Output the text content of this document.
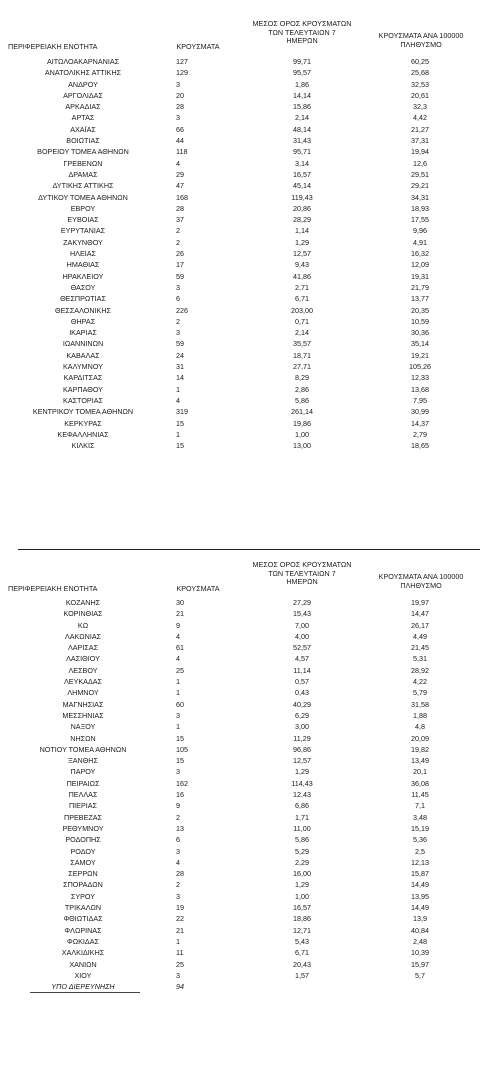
ΜΕΣΟΣ ΟΡΟΣ ΚΡΟΥΣΜΑΤΩΝ
ΤΩΝ ΤΕΛΕΥΤΑΙΩΝ 7
ΗΜΕΡΩΝ
ΚΡΟΥΣΜΑΤΑ ΑΝΑ 100000
ΠΛΗΘΥΣΜΟ
ΠΕΡΙΦΕΡΕΙΑΚΗ ΕΝΟΤΗΤΑ	ΚΡΟΥΣΜΑΤΑ
ΑΙΤΩΛΟΑΚΑΡΝΑΝΙΑΣ	127	99,71	60,25
ΑΝΑΤΟΛΙΚΗΣ ΑΤΤΙΚΗΣ	129	95,57	25,68
ΑΝΔΡΟΥ	3	1,86	32,53
ΑΡΓΟΛΙΔΑΣ	20	14,14	20,61
ΑΡΚΑΔΙΑΣ	28	15,86	32,3
ΑΡΤΑΣ	3	2,14	4,42
ΑΧΑΪΑΣ	66	48,14	21,27
ΒΟΙΩΤΙΑΣ	44	31,43	37,31
ΒΟΡΕΙΟΥ ΤΟΜΕΑ ΑΘΗΝΩΝ	118	95,71	19,94
ΓΡΕΒΕΝΩΝ	4	3,14	12,6
ΔΡΑΜΑΣ	29	16,57	29,51
ΔΥΤΙΚΗΣ ΑΤΤΙΚΗΣ	47	45,14	29,21
ΔΥΤΙΚΟΥ ΤΟΜΕΑ ΑΘΗΝΩΝ	168	119,43	34,31
ΕΒΡΟΥ	28	20,86	18,93
ΕΥΒΟΙΑΣ	37	28,29	17,55
ΕΥΡΥΤΑΝΙΑΣ	2	1,14	9,96
ΖΑΚΥΝΘΟΥ	2	1,29	4,91
ΗΛΕΙΑΣ	26	12,57	16,32
ΗΜΑΘΙΑΣ	17	9,43	12,09
ΗΡΑΚΛΕΙΟΥ	59	41,86	19,31
ΘΑΣΟΥ	3	2,71	21,79
ΘΕΣΠΡΩΤΙΑΣ	6	6,71	13,77
ΘΕΣΣΑΛΟΝΙΚΗΣ	226	203,00	20,35
ΘΗΡΑΣ	2	0,71	10,59
ΙΚΑΡΙΑΣ	3	2,14	30,36
ΙΩΑΝΝΙΝΩΝ	59	35,57	35,14
ΚΑΒΑΛΑΣ	24	18,71	19,21
ΚΑΛΥΜΝΟΥ	31	27,71	105,26
ΚΑΡΔΙΤΣΑΣ	14	8,29	12,33
ΚΑΡΠΑΘΟΥ	1	2,86	13,68
ΚΑΣΤΟΡΙΑΣ	4	5,86	7,95
ΚΕΝΤΡΙΚΟΥ ΤΟΜΕΑ ΑΘΗΝΩΝ	319	261,14	30,99
ΚΕΡΚΥΡΑΣ	15	19,86	14,37
ΚΕΦΑΛΛΗΝΙΑΣ	1	1,00	2,79
ΚΙΛΚΙΣ	15	13,00	18,65
ΜΕΣΟΣ ΟΡΟΣ ΚΡΟΥΣΜΑΤΩΝ
ΤΩΝ ΤΕΛΕΥΤΑΙΩΝ 7
ΗΜΕΡΩΝ
ΚΡΟΥΣΜΑΤΑ ΑΝΑ 100000
ΠΛΗΘΥΣΜΟ
ΠΕΡΙΦΕΡΕΙΑΚΗ ΕΝΟΤΗΤΑ	ΚΡΟΥΣΜΑΤΑ
ΚΟΖΑΝΗΣ	30	27,29	19,97
ΚΟΡΙΝΘΙΑΣ	21	15,43	14,47
ΚΩ	9	7,00	26,17
ΛΑΚΩΝΙΑΣ	4	4,00	4,49
ΛΑΡΙΣΑΣ	61	52,57	21,45
ΛΑΣΙΘΙΟΥ	4	4,57	5,31
ΛΕΣΒΟΥ	25	11,14	28,92
ΛΕΥΚΑΔΑΣ	1	0,57	4,22
ΛΗΜΝΟΥ	1	0,43	5,79
ΜΑΓΝΗΣΙΑΣ	60	40,29	31,58
ΜΕΣΣΗΝΙΑΣ	3	6,29	1,88
ΝΑΞΟΥ	1	3,00	4,8
ΝΗΣΩΝ	15	11,29	20,09
ΝΟΤΙΟΥ ΤΟΜΕΑ ΑΘΗΝΩΝ	105	96,86	19,82
ΞΑΝΘΗΣ	15	12,57	13,49
ΠΑΡΟΥ	3	1,29	20,1
ΠΕΙΡΑΙΩΣ	162	114,43	36,08
ΠΕΛΛΑΣ	16	12,43	11,45
ΠΙΕΡΙΑΣ	9	6,86	7,1
ΠΡΕΒΕΖΑΣ	2	1,71	3,48
ΡΕΘΥΜΝΟΥ	13	11,00	15,19
ΡΟΔΟΠΗΣ	6	5,86	5,36
ΡΟΔΟΥ	3	5,29	2,5
ΣΑΜΟΥ	4	2,29	12,13
ΣΕΡΡΩΝ	28	16,00	15,87
ΣΠΟΡΑΔΩΝ	2	1,29	14,49
ΣΥΡΟΥ	3	1,00	13,95
ΤΡΙΚΑΛΩΝ	19	16,57	14,49
ΦΘΙΩΤΙΔΑΣ	22	18,86	13,9
ΦΛΩΡΙΝΑΣ	21	12,71	40,84
ΦΩΚΙΔΑΣ	1	5,43	2,48
ΧΑΛΚΙΔΙΚΗΣ	11	6,71	10,39
ΧΑΝΙΩΝ	25	20,43	15,97
ΧΙΟΥ	3	1,57	5,7
ΥΠΟ ΔΙΕΡΕΥΝΗΣΗ	94
